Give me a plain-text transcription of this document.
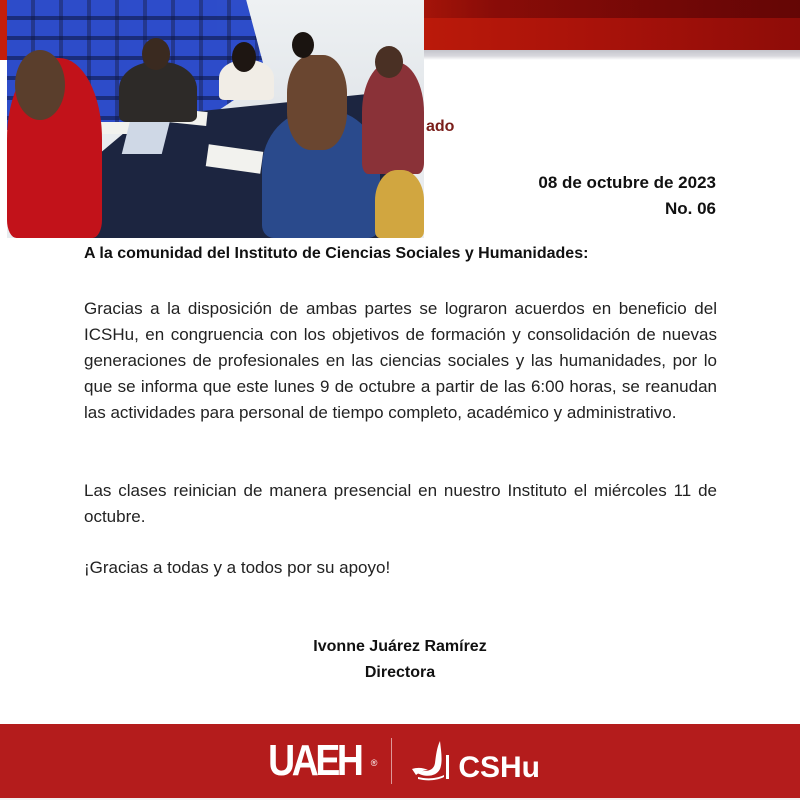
ado
08 de octubre de 2023
No. 06
A la comunidad del Instituto de Ciencias Sociales y Humanidades:
Gracias a la disposición de ambas partes se lograron acuerdos en beneficio del ICSHu, en congruencia con los objetivos de formación y consolidación de nuevas generaciones de profesionales en las ciencias sociales y las humanidades, por lo que se informa que este lunes 9 de octubre a partir de las 6:00 horas, se reanudan las actividades para personal de tiempo completo, académico y administrativo.
Las clases reinician de manera presencial en nuestro Instituto el miércoles 11 de octubre.
¡Gracias a todas y a todos por su apoyo!
Ivonne Juárez Ramírez
Directora
UAEH ®	CSHu
